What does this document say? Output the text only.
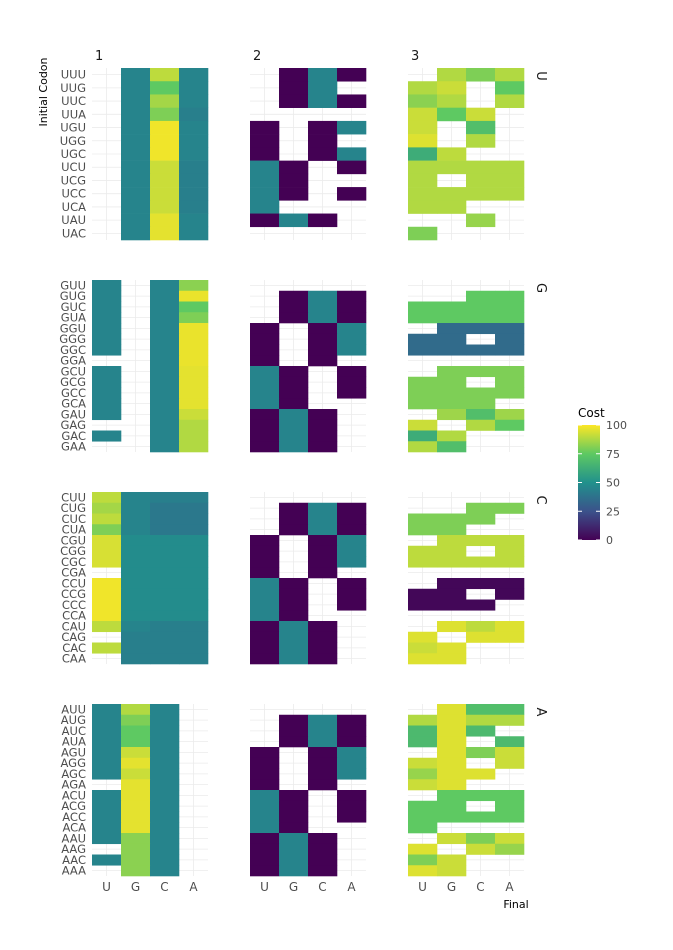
Cost
100
75
50
25
0
1	2	3
U
G
C
A
UUU
UUG
UUC
UUA
UGU
UGG
UGC
UCU
UCG
UCC
UCA
UAU
UAC
GUU
GUG
GUC
GUA
GGU
GGG
GGC
GGA
GCU
GCG
GCC
GCA
GAU
GAG
GAC
GAA
CUU
CUG
CUC
CUA
CGU
CGG
CGC
CGA
CCU
CCG
CCC
CCA
CAU
CAG
CAC
CAA
AUU
AUG
AUC
AUA
AGU
AGG
AGC
AGA
ACU
ACG
ACC
ACA
AAU
AAG
AAC
AAA
U G C A	U G C A	U G C A
Final
Initial Codon
